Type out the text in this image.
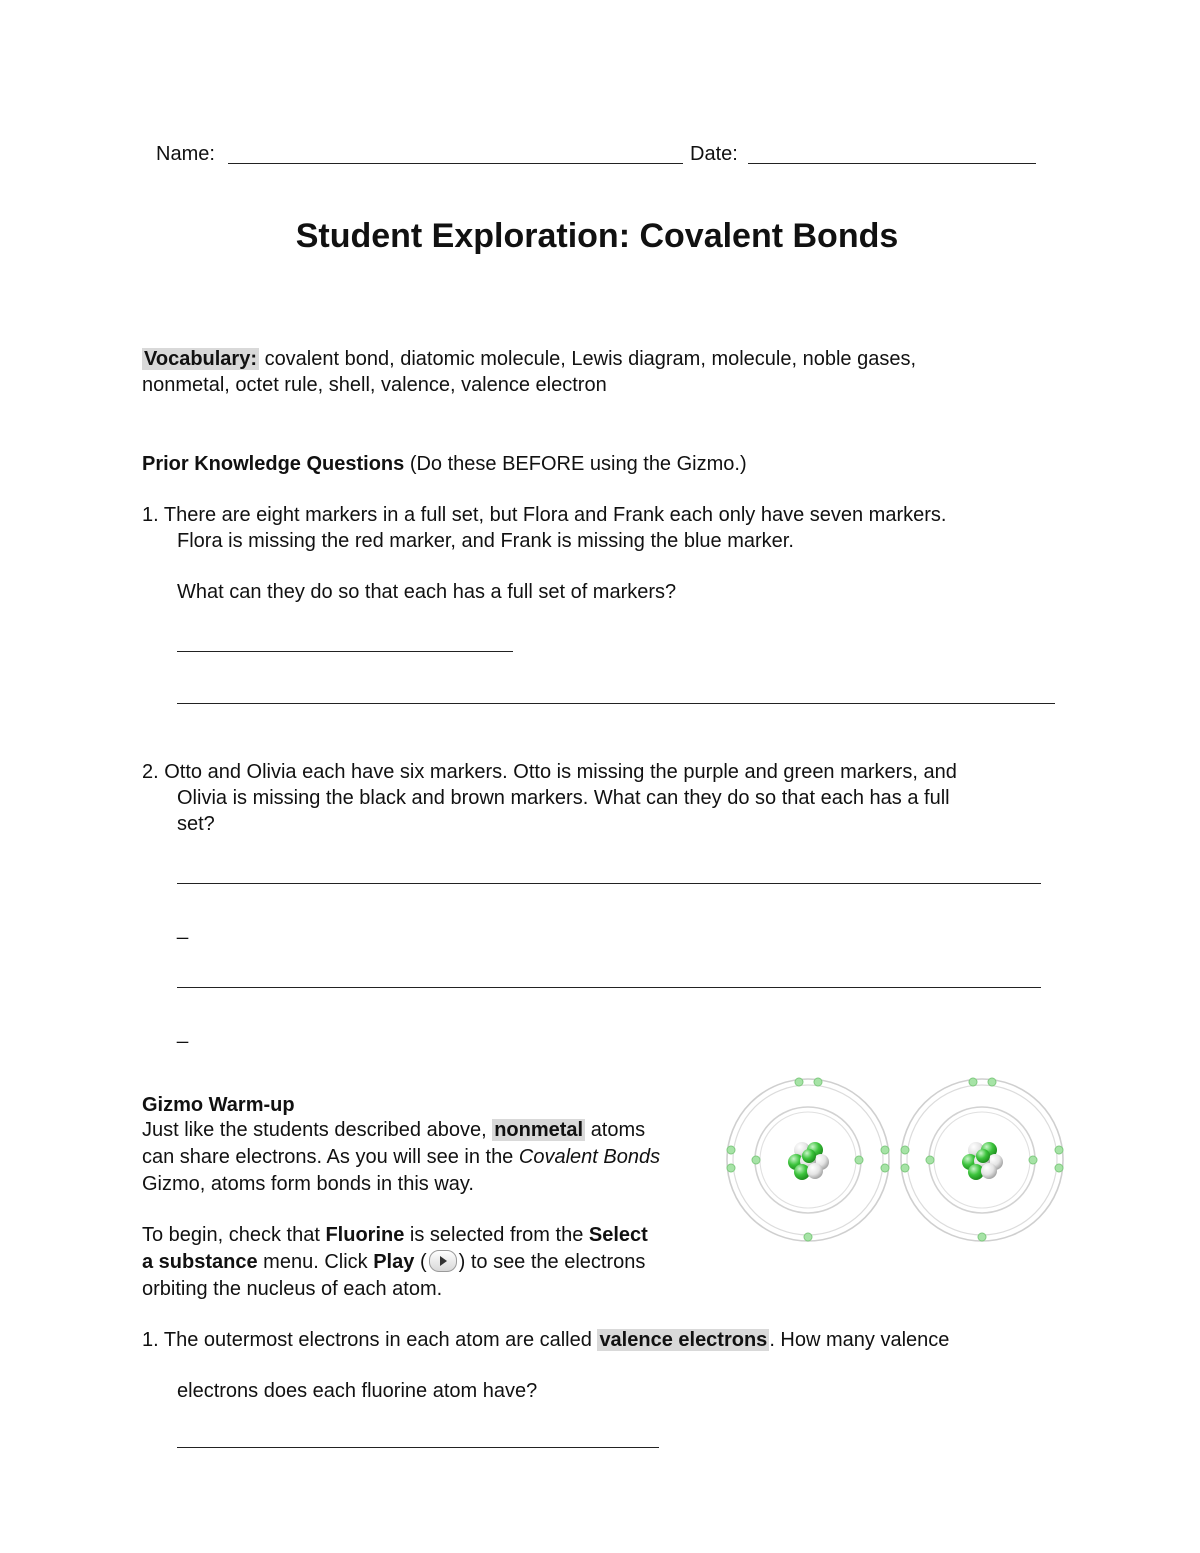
Name:	Date:
Student Exploration: Covalent Bonds
Vocabulary: covalent bond, diatomic molecule, Lewis diagram, molecule, noble gases,
nonmetal, octet rule, shell, valence, valence electron
Prior Knowledge Questions (Do these BEFORE using the Gizmo.)
1. There are eight markers in a full set, but Flora and Frank each only have seven markers.
Flora is missing the red marker, and Frank is missing the blue marker.
What can they do so that each has a full set of markers?
2. Otto and Olivia each have six markers. Otto is missing the purple and green markers, and
Olivia is missing the black and brown markers. What can they do so that each has a full
set?
_
_
Gizmo Warm-up
Just like the students described above, nonmetal atoms
can share electrons. As you will see in the Covalent Bonds
Gizmo, atoms form bonds in this way.
To begin, check that Fluorine is selected from the Select
a substance menu. Click Play ( ) to see the electrons
orbiting the nucleus of each atom.
1. The outermost electrons in each atom are called valence electrons . How many valence
electrons does each fluorine atom have?
